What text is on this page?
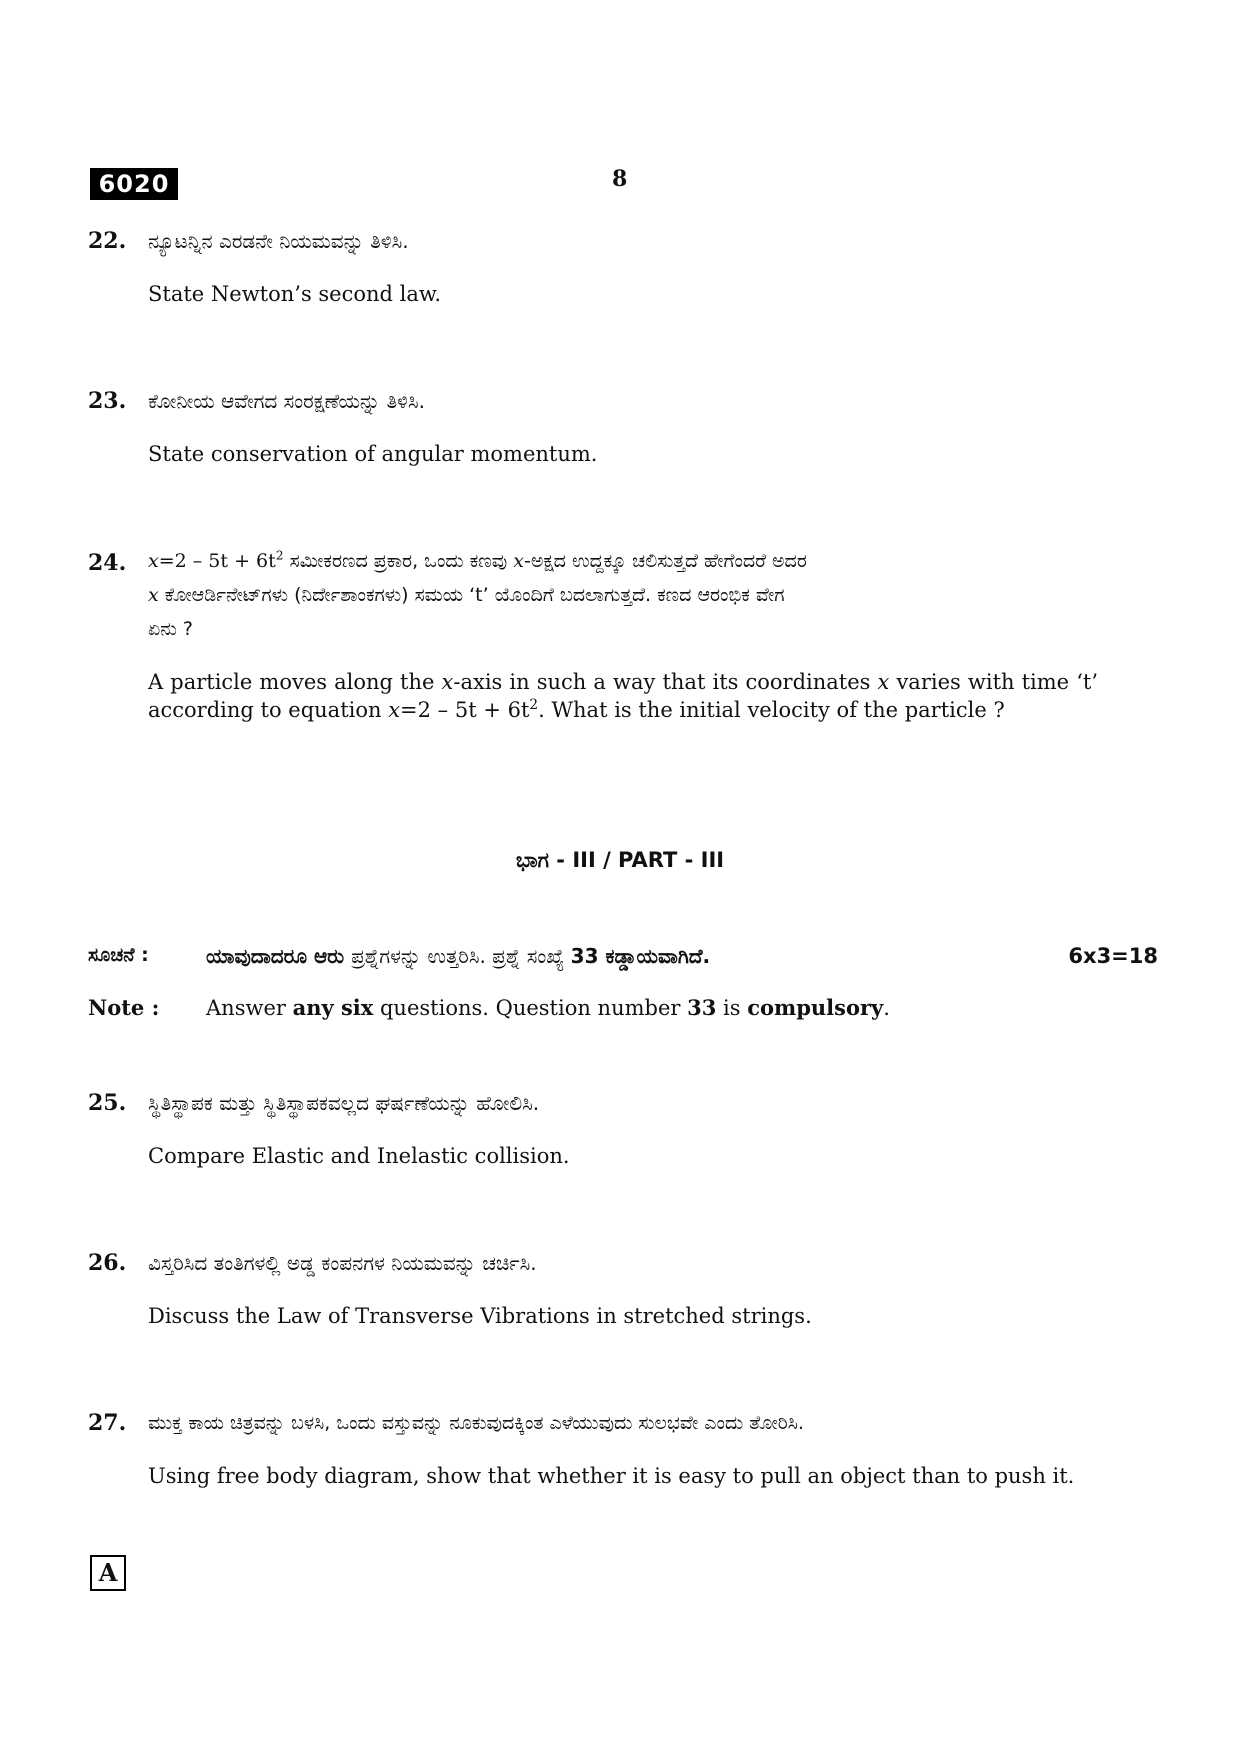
6020	8
22. ನ್ಯೂಟನ್ನಿನ ಎರಡನೇ ನಿಯಮವನ್ನು ತಿಳಿಸಿ.
State Newton’s second law.
23. ಕೋನೀಯ ಆವೇಗದ ಸಂರಕ್ಷಣೆಯನ್ನು ತಿಳಿಸಿ.
State conservation of angular momentum.
24. $x=2 - 5t + 6t^2$ ಸಮೀಕರಣದ ಪ್ರಕಾರ, ಒಂದು ಕಣವು x-ಅಕ್ಷದ ಉದ್ದಕ್ಕೂ ಚಲಿಸುತ್ತದೆ ಹೇಗೆಂದರೆ ಅದರ
x ಕೋಆರ್ಡಿನೇಟ್‌ಗಳು (ನಿರ್ದೇಶಾಂಕಗಳು) ಸಮಯ ‘t’ ಯೊಂದಿಗೆ ಬದಲಾಗುತ್ತದೆ. ಕಣದ ಆರಂಭಿಕ ವೇಗ
ಏನು ?
A particle moves along the x-axis in such a way that its coordinates x varies with time ‘t’ according to equation $x=2 - 5t + 6t^2$. What is the initial velocity of the particle ?
ಭಾಗ - III / PART - III
ಸೂಚನೆ :	ಯಾವುದಾದರೂ ಆರು ಪ್ರಶ್ನೆಗಳನ್ನು ಉತ್ತರಿಸಿ. ಪ್ರಶ್ನೆ ಸಂಖ್ಯೆ 33 ಕಡ್ಡಾಯವಾಗಿದೆ.	6x3=18
Note : Answer any six questions. Question number 33 is compulsory.
25. ಸ್ಥಿತಿಸ್ಥಾಪಕ ಮತ್ತು ಸ್ಥಿತಿಸ್ಥಾಪಕವಲ್ಲದ ಘರ್ಷಣೆಯನ್ನು ಹೋಲಿಸಿ.
Compare Elastic and Inelastic collision.
26. ವಿಸ್ತರಿಸಿದ ತಂತಿಗಳಲ್ಲಿ ಅಡ್ಡ ಕಂಪನಗಳ ನಿಯಮವನ್ನು ಚರ್ಚಿಸಿ.
Discuss the Law of Transverse Vibrations in stretched strings.
27. ಮುಕ್ತ ಕಾಯ ಚಿತ್ರವನ್ನು ಬಳಸಿ, ಒಂದು ವಸ್ತುವನ್ನು ನೂಕುವುದಕ್ಕಿಂತ ಎಳೆಯುವುದು ಸುಲಭವೇ ಎಂದು ತೋರಿಸಿ.
Using free body diagram, show that whether it is easy to pull an object than to push it.
A
